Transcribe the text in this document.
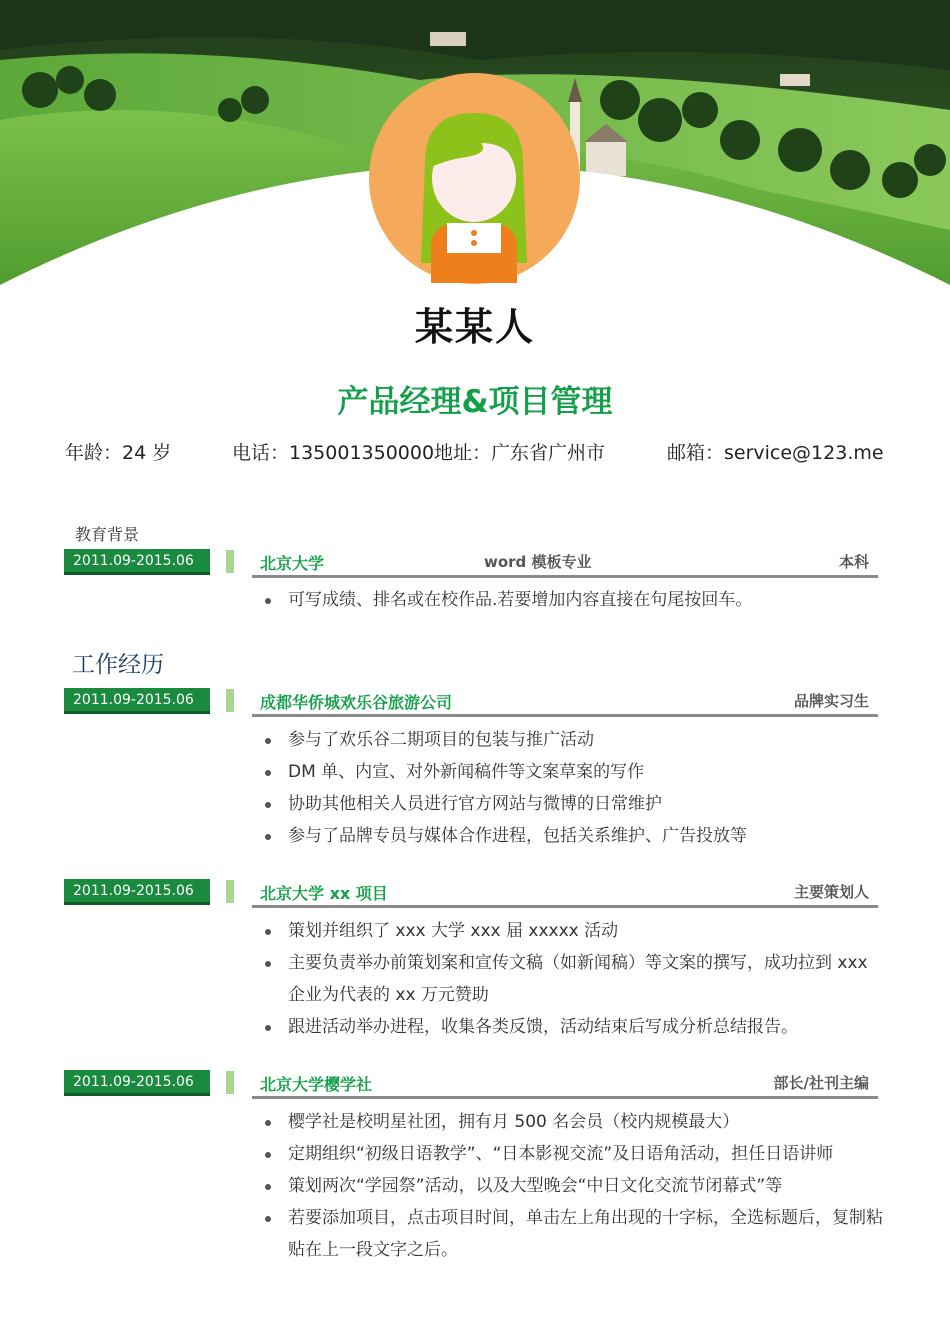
某某人
产品经理&项目管理
年龄：24 岁	电话：135001350000 地址：广东省广州市	邮箱：service@123.me
教育背景
2011.09-2015.06	北京大学	word 模板专业	本科
可写成绩、排名或在校作品.若要增加内容直接在句尾按回车。
工作经历
2011.09-2015.06	成都华侨城欢乐谷旅游公司	品牌实习生
参与了欢乐谷二期项目的包装与推广活动
DM 单、内宣、对外新闻稿件等文案草案的写作
协助其他相关人员进行官方网站与微博的日常维护
参与了品牌专员与媒体合作进程，包括关系维护、广告投放等
2011.09-2015.06	北京大学 xx 项目	主要策划人
策划并组织了 xxx 大学 xxx 届 xxxxx 活动
主要负责举办前策划案和宣传文稿（如新闻稿）等文案的撰写，成功拉到 xxx 企业为代表的 xx 万元赞助
跟进活动举办进程，收集各类反馈，活动结束后写成分析总结报告。
2011.09-2015.06	北京大学樱学社	部长/社刊主编
樱学社是校明星社团，拥有月 500 名会员（校内规模最大）
定期组织“初级日语教学”、“日本影视交流”及日语角活动，担任日语讲师
策划两次“学园祭”活动，以及大型晚会“中日文化交流节闭幕式”等
若要添加项目，点击项目时间，单击左上角出现的十字标，全选标题后，复制粘贴在上一段文字之后。
